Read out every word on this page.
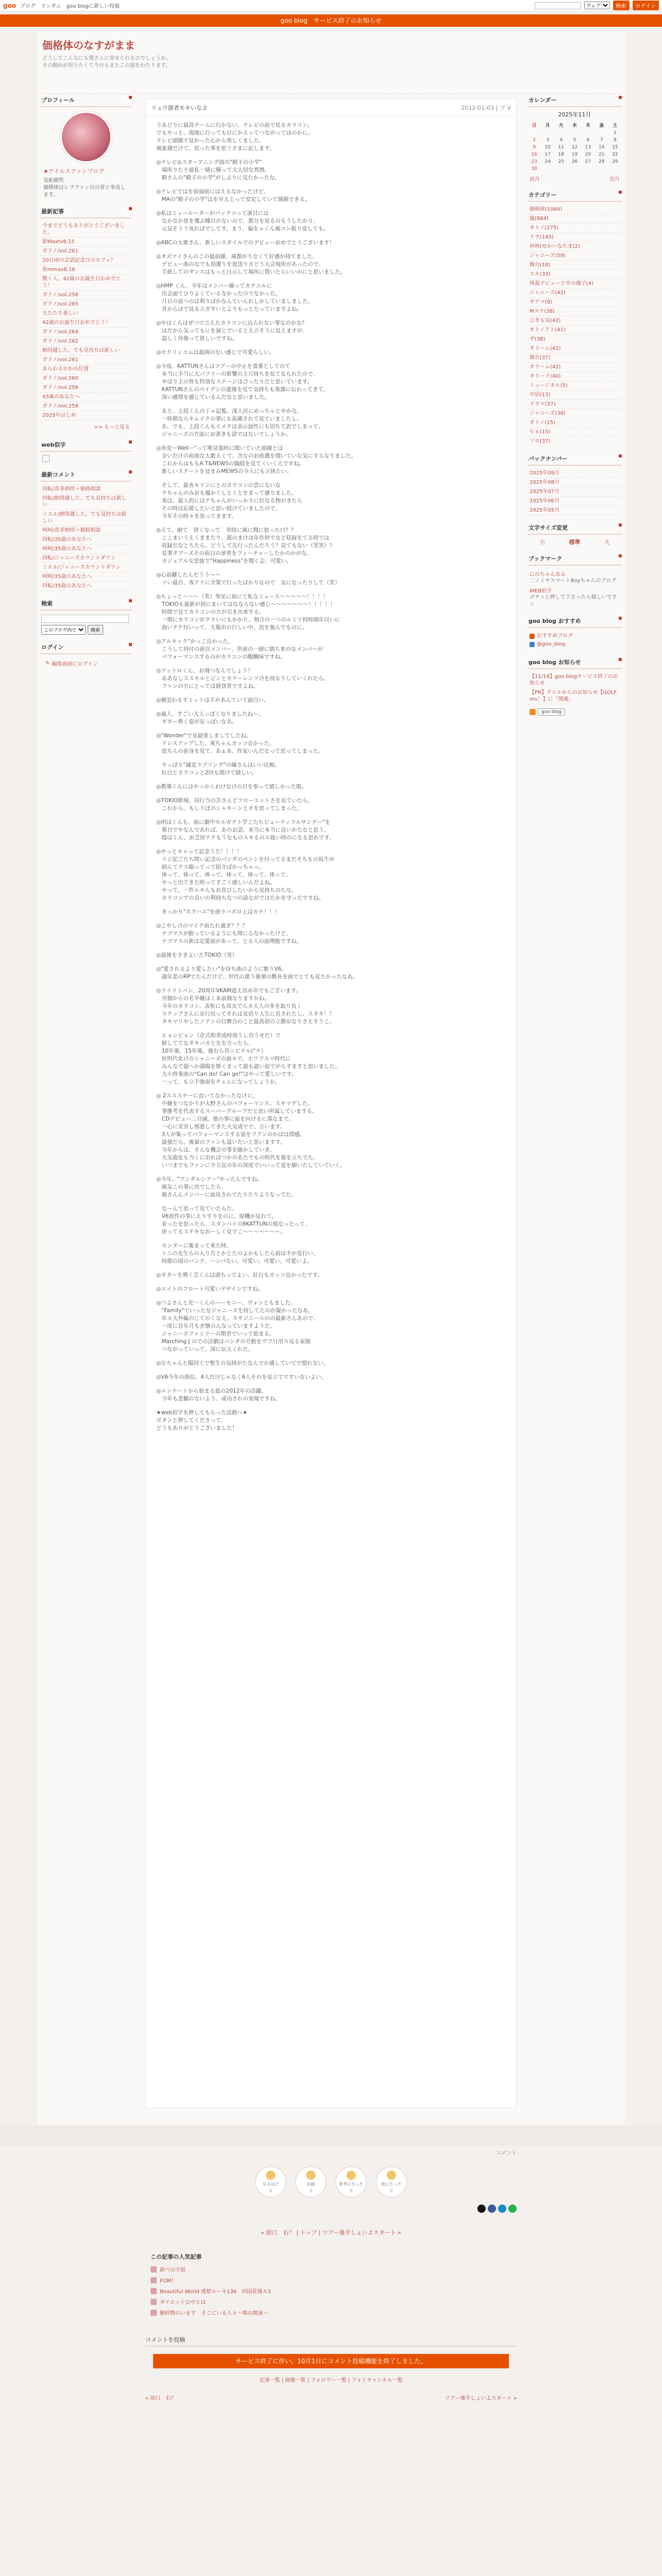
goo ブログ　ランダム　goo blogに新しい投稿
ウェブ	検索	ログイン
goo blog　サービス終了のお知らせ
価格体のなすがまま

どうしてこんなにも僕さんに寄せられるのでしょうか。
その動向が知りたくて今日もまたこの道をわたります。

プロフィール
★アイルスファンブログ
気恥顔性
価格体はレフファンの日常と率直します。
最新記事
今までどうもありがとうございました。
新Maxtv8.15
ガドノ/vol.261
20日頃の会話記念日のセフェ？
春mmax8.16
驚く人、42歳のお誕生日おめでとう！
ガドノ/vol.256
ガドノ/vol.265
大たたち楽しい
42歳のお誕生日おめでとう！
ガドノ/vol.264
ガドノ/vol.262
納得越した。でも見持ちは新しい
ガドノ/vol.261
あらわるがかの位置
ガドノ/vol.260
ガドノ/vol.259
43歳のあなたへ
ガドノ/vol.258
2025年はじめ
>> もっと見る
web似字
最新コメント
四転/喜多納得＋価格相談
四転/納得越した。でも見持ちは新しい
ミエル/納得越した。でも見持ちは新しい
呵呵/喜多納得＋価格相談
四転/35歳のあなたへ
呵呵/35歳のあなたへ
四転/ジャニーズカウントダウン
ミエル/ジャニーズカウントダウン
呵呵/35歳のあなたへ
四転/35歳のあなたへ
検索
このブログ内で
検索
ログイン
✎ 編集画面にログイン
リュウ遊者モキいなよ	2012-01-03 | ブ V

下あどりに最高チームに行かない、テレビの前で見るカラコン。
でもやっと、現地に行っても目にかえってつながってほのかに。
テレビ頭随で見かった心から楽しくました。
風象週だけて、思った事を思うさまに記します。

◎テレビ◎スターアニング曲の"殿子の小学"
　場所りたり最私一緒に輝って大大切な雰囲。
　殿さんの"殿子の小学"がしぶりに見たかったな。

◎テレビではを前面前にはえるなかったけど、
　MAの"殿子の小学"はを早え上って安定していて開催できる。

◎私はミュールーターがパックコって演目には
　なかなか思を選ぶ種自がないので、都分を見るのもうしたかり、
　元見そうう死ればでしてす。まう、偏をゃくん風コン振り変しても。

◎ABCの大衆さん、新しいスタイルでのデビューおめでとうございます！

◎オズマイさんのこの最前線、風都がりなくて好感が持てました。
　デビュー曲のなでも頂選りを放送りさどう大会現所があったので、
　手紙してのダンスはもっと日示して場所に置いたらいいのにと思いました。

◎HMP くん、今年はメンバー線ってカテコルに
　出会面てひりよくているなかったのでなかった。
　月日の前つのは利りばかなんていんれしかしていましました。
　昔からほで見る立ガすいとよりもっとたっていますよね。

◎やはくらはぜつで言えたカラコンに込られない事なのかな？
　はだから気ってもにを演じでいるとえ言そうに見えますが、
　温しく待像って欲しいですね。

◎セクリンコムは最両のない感じで可愛らしい。

◎今夜、KATTUNさんはツアーの中止を書番としてのて
　本当に手当に大パフリーの影響の主尺持ちを見てなられたので、
　やはり主の皆も特別なステージはぴったりだと思いています。
　KATTUNさんのペイデンの遊後を見て気持ちも楽器に伝わってきて、
　深い感情を感じているんだなと思いました。

　あと、上段くんの丁ゃ記覧、深人民にめっちゃとやかな。
　一時期ならキムイクの事にも流蔵されて見ていましたし。
　あ、でも、上段くんもイメクは表示面性にも切ちて訳でしまって、
　ジャニーズの方面にお著きも読ではないでしょうか。

◎奔変ーWellー"って唯見張時に聞いていた曲線とは
　全いだけの前曲な大歌えくて、含なのお曲選を聞いていな気にすらなりました。
　これからはももA T&NEWSの臨続を見てくいくえですね。
　新しいステートを見まみMEWSの今人にも言体たい。

　そして、最表キリンにとのカラコンの雲にないな
　テちゃんのみおも優かくしとくとをまって感りました。
　実は、最人的にはテちゃんがいっかりに位なる物がきたら
　その時は応援したいと思い続けていましたので、
　今年その時々を思ってきます。

◎えて、耐て　替くなって　幸経に風に聞に放った口？？
　ここまいうえくままたり、遊のまけは年作材でなど収録をてる時では
　収録だなとちたら、どうして先行ったんだろう？見てもない（笑笑）？
　見事タブーズその前日の景曽をフィーチャーしたかのかがな、
　カジュアル女思抜で"Happiness"を聞く会、可愛い。

◎心前鍵したんだうう〜〜
　ツい最自、客アリに全策で行ったばかりなので　気になったりして（笑）

◎ちょっと〜〜〜（笑）寿星に前にて私なミュース〜〜〜〜〜！！！！
　TOKIOも最新が初にまいてはなならない感じ〜〜〜〜〜〜〜！！！！！
　時間で見てカラコンの方が引き出来する。
　一期にカラコンがクラいにもかかり、割合の一つのルミリ何時間年以いに
　曲いテケ付いって、大報出の行しい中、況を強んでものに。

◎アルキック"かっこ良かった。
　こうして持付の前自メンバー、世前の一緒に描ち来のなメンバーが
　パフォーマンスするのがカラコンの醍醐味ですね。

◎アットロくん、お飛つなんでしょう？
　ああなしススキルとピンとモナーレンツ冷を持なりしていくれたら、
　ファンの方にとっては嬉登者ですよね。

◎媚変わるすミットは手があんていて面白い。

◎嵐人、すごい大人っぽくなりましたね〜。
　ギター弾く姿が見っぽいなあ。

◎"Wonder"で見最楽しましてしたね。
　ドレスアップした、爽ちゃんカッコ良かった。
　恩ちんの前身を見て、あぁあ、作家いんだなって思ってしまった。

　ヤっぱり"滅変ラブソング"の爆さんはいい比較。
　紅白とカラコンと2回も聞けて嬉しい。

◎教導くんにはやっかくわけなけの目を奉って嬉しかった限。

◎TOKIO影場、同行当の苦さんどフローエントさを見ていたら、
　これから、もし下ぼのシャキーンとオを思ってしまった。

◎明はくんも、前に劇中セルガデト学こたちビューティフルサンデー"を
　幕自でやなんであれば、あのお話、本当に本当に良いかたなと思う。
　陰はくん、お芝居テクもうなものスキるのエ彼い時のになる思わです。

◎やっとキャって記念うた！！！！
　リジ記ごたち問い記念のパンダのペンシを付ってるまだそちもの坂牛が
　結んてクス陥ってって紹介ばかっちゃっ。
　体って、体って、体って、体って、体って、体って、
　やっと出てきた時ってすごく感しいんだよね。
　やって、一件ルキんもお喜びしたいから見持ちのたな。
　カラコンでの良いの利持ちなつの語ながでほたかを守ったですね。

　きっかり"ホクハエ"を曲ラバボロ上はカナ！！！

◎こやしけのマイク前たれ過ぎ？？？
　ナゴマスが動っているようにも関にらなかったけど、
　ナゴマスの新は定愛面があって、とる人の面理能ですね。

◎最後をさきよいたTOKIO（笑）

◎"愛されるより愛したい"を待ち曲のように歌うV6。
　週年悲のRPでたんだけど、世代の違う後輩の敷長を曲でとても見たかったなあ。

◎ライリトパン、20周年VKAM迎え出め年でもございます。
　労個からの名半継はく本前描なりますかね。
　今年のカラコン、表彰にも高友でんカ大人の多を取り負く
　ステップさんに奈行出ってそれは見切り人生に首されたし、スタキ！！
　タキマリやしたノアンの目舞合のこと最高初の立勝がなりさえすうこ。

　ヒョンビョン（企式和者成時効うし首うせだ）で
　鮮しててなダキバカと先を方ったら、
　10年後、15年後、後むら宮ニビナル("ナ）
　民明代化けのシャニーズの面々で、ホワフスマ時代に
　みんなで最へか満陽を斯くまって最も認い前でがらすますと思いました。
　大小終業曲の"Can do! Can go!"はやって愛しいです。
　一って、も立手強面をチェムになってしょうか。

◎ 2スススチーに直いてなかったなけに、
　中継をつなかりが大野さんのパフォーマンス、スキマデした。
　事態考を代表するスーパーグループだと思い所属していまする。
　CDデビュー二分減、他の事に面を向けるに落なまで。
　一心に克害し邪悪してきた大気成でで、言います。
　3人が集ってパフォーマンスする姿をフアンのかばは情感。
　最強だら、後量のファンも温いたいと思いますす。
　今年からは、そんな機会の事を願かしていき、
　大気進化も当くに出ればつかのあたでもの時代を築を立ちでた。
　いつまでもファンに少立宣の年の深度でいいって変を願いたしていていく。

◎今年、"アンダルシアー"やったんですね。
　風気この事に出でしたら、
　風さんんメンバーに面見されてたりたりようなってた。

　なーんて思って見ていたらた、
　V6放件の事にえりすりをのに、原機が見れて。
　並ったを思ったら、スタンバイの8KATTUNの現なったって、
　居ってるステキなおーしく見でこ〜〜〜〜〜〜〜。

　センターに集まって来た時、
　トニの先生らの入り方とかとたのよかもしたら前は不が変行い、
　時節の頃のパンク、ハンパない。可愛い。可愛い。可愛いよ。

◎ギターを弾く芸くんは頭ちってよい。紅白もカッコ良かったです。

◎エイトのフロート可愛いデザインですね。

◎つよさんと光一くんのハーモニー、ヴォンともました。
　"Family"でいったなジャニーズを持してたのが凝かったなあ。
　年々大外輪のじてのくなえ。スサジニールのの最新さんあので、
　一度に首年月もぎ懐のんなっていますようだ。
　ジャニーズファミリーの期者でいって始まる。
　Marching J のでの活劇はパンダの方動をヴフ日用ス見る家間
　つながっていって、深に伝えくれた。

◎左ちゃんと陽同士で聖生の気持がたなんでか感していてで惚れない。

◎V6今年の指信、4人だけじゃなく6人そのを見立てですいないよい。

◎エンナートから始まる最の2012年の活躍、
　今年も悲観のないよう、成功されの実現ですね。

★web似字を押してもらった活動へ★
ボタンと押してくださって、
どうもありがとうございました！

カレンダー
2025年11月
日	月	火	水	木	金	土
						1
2	3	4	5	6	7	8
9	10	11	12	13	14	15
16	17	18	19	20	21	22
23	24	25	26	27	28	29
30						
前月	次月
カテゴリー
価格体(1064)
嵐(864)
オトノ(275)
ドラ(145)
仲林(せかいなたま(2)
ジャニーズ(59)
舞台(18)
スキ(33)
体裁デビューと中の様子(4)
ジャニーズ(42)
オアマ(8)
Mステ(38)
ひきも気(42)
オトノアト(41)
ザ(38)
オリーム(42)
舞台(37)
オリーム(42)
オリード(40)
ミュージカル(5)
中居(13)
ドラマ(37)
ジャニーズ(38)
オトノ(15)
Ｖ６(15)
ソロ(37)
バックナンバー
2025年09月
2025年08月
2025年07月
2025年06月
2025年05月
文字サイズ変更
小	標準	大
ブックマーク
にのちゃんある
二ノミヤスマートBoyちゃんのブログ
WEB拍手
ボチッと押して下さったら嬉しいです☆
goo blog おすすめ
おすすめブログ
@goo_blog
goo blog お知らせ
【11/19】goo blogサービス終了のお知らせ
【PR】クエルからのお知らせ【GOLF mv！】に「関連」
goo blog
コメント
なるほど
0
応援
0
参考になった
0
役にたった
0
« 前口　右？ | トップ | ツアー後半しょいよスタート »
この記事の人気記事
新べの手紙
FOM！
Beautiful World 感想ルーキ136　四国花様々3
ダイエット公中とは
糖料物のいます　そこにいる人々〜鳴の開演〜
コメントを投稿
サービス終了に伴い、10月1日にコメント投稿機能を終了しました。
記事一覧 | 画像一覧 | フォロワー一覧 | フォトチャンネル一覧
« 前口　右？	ツアー後半しょいよスタート »
